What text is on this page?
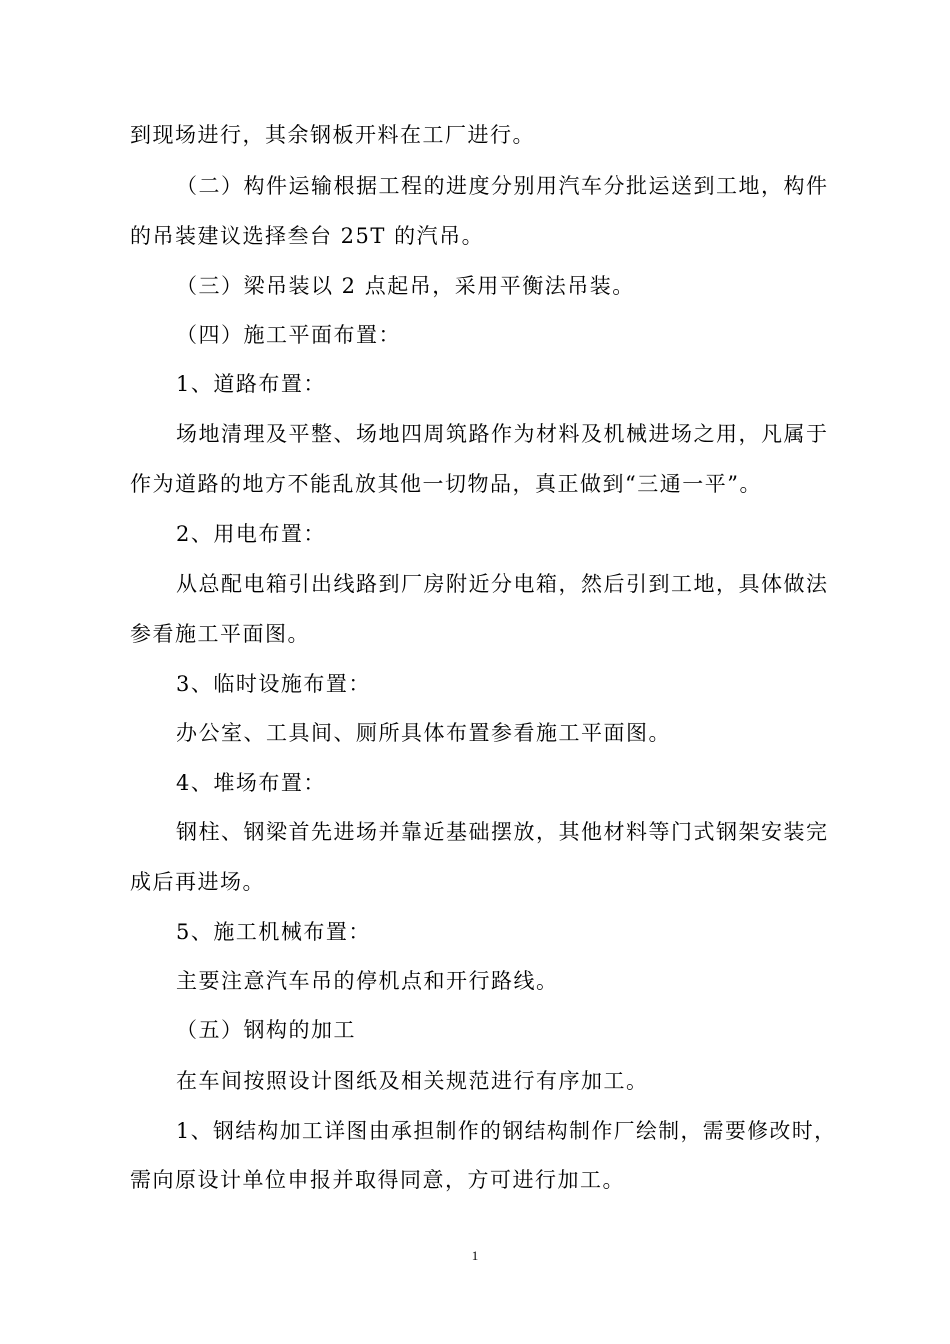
到现场进行，其余钢板开料在工厂进行。
（二）构件运输根据工程的进度分别用汽车分批运送到工地，构件
的吊装建议选择叁台 25T 的汽吊。
（三）梁吊装以 2 点起吊，采用平衡法吊装。
（四）施工平面布置：
1、道路布置：
场地清理及平整、场地四周筑路作为材料及机械进场之用，凡属于
作为道路的地方不能乱放其他一切物品，真正做到“三通一平”。
2、用电布置：
从总配电箱引出线路到厂房附近分电箱，然后引到工地，具体做法
参看施工平面图。
3、临时设施布置：
办公室、工具间、厕所具体布置参看施工平面图。
4、堆场布置：
钢柱、钢梁首先进场并靠近基础摆放，其他材料等门式钢架安装完
成后再进场。
5、施工机械布置：
主要注意汽车吊的停机点和开行路线。
（五）钢构的加工
在车间按照设计图纸及相关规范进行有序加工。
1、钢结构加工详图由承担制作的钢结构制作厂绘制，需要修改时，
需向原设计单位申报并取得同意，方可进行加工。
1
